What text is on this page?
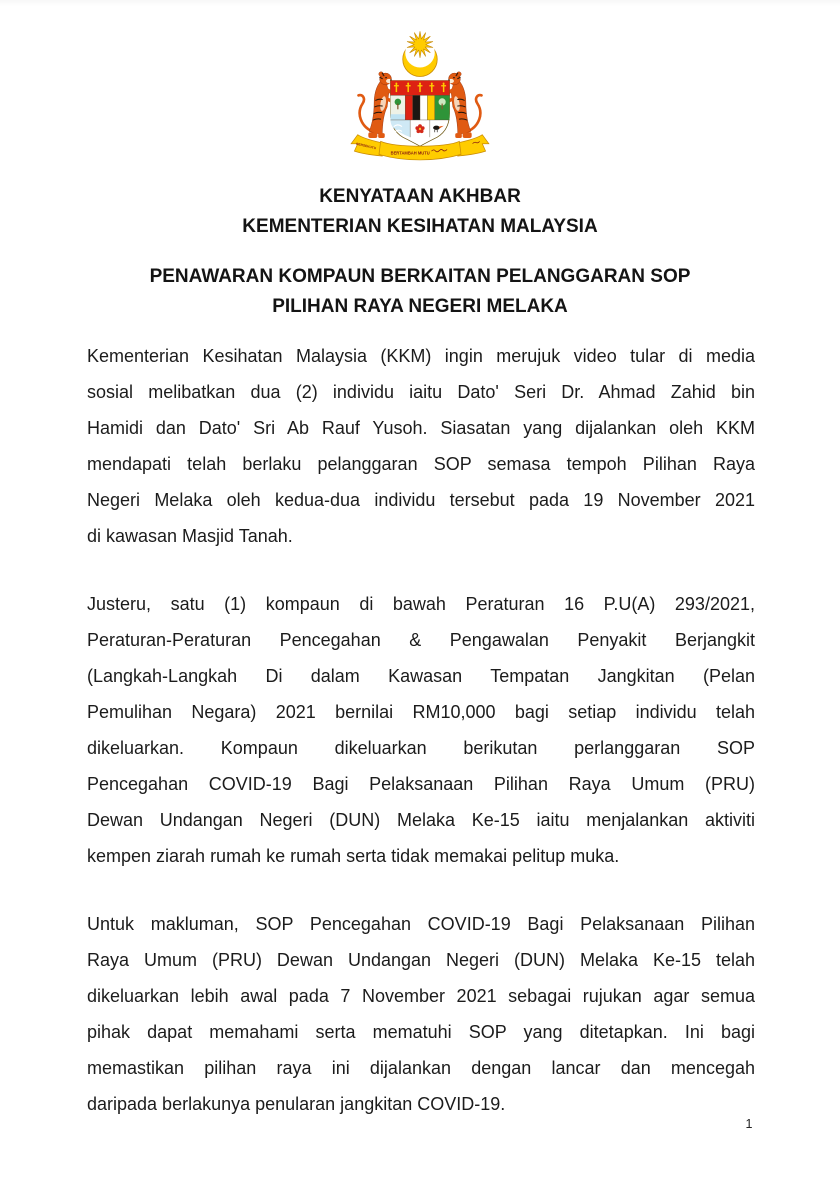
BERSEKUTU
BERTAMBAH MUTU
KENYATAAN AKHBAR
KEMENTERIAN KESIHATAN MALAYSIA
PENAWARAN KOMPAUN BERKAITAN PELANGGARAN SOP
PILIHAN RAYA NEGERI MELAKA
Kementerian Kesihatan Malaysia (KKM) ingin merujuk video tular di media
sosial melibatkan dua (2) individu iaitu Dato' Seri Dr. Ahmad Zahid bin
Hamidi dan Dato' Sri Ab Rauf Yusoh. Siasatan yang dijalankan oleh KKM
mendapati telah berlaku pelanggaran SOP semasa tempoh Pilihan Raya
Negeri Melaka oleh kedua-dua individu tersebut pada 19 November 2021
di kawasan Masjid Tanah.
Justeru, satu (1) kompaun di bawah Peraturan 16 P.U(A) 293/2021,
Peraturan-Peraturan Pencegahan & Pengawalan Penyakit Berjangkit
(Langkah-Langkah Di dalam Kawasan Tempatan Jangkitan (Pelan
Pemulihan Negara) 2021 bernilai RM10,000 bagi setiap individu telah
dikeluarkan. Kompaun dikeluarkan berikutan perlanggaran SOP
Pencegahan COVID-19 Bagi Pelaksanaan Pilihan Raya Umum (PRU)
Dewan Undangan Negeri (DUN) Melaka Ke-15 iaitu menjalankan aktiviti
kempen ziarah rumah ke rumah serta tidak memakai pelitup muka.
Untuk makluman, SOP Pencegahan COVID-19 Bagi Pelaksanaan Pilihan
Raya Umum (PRU) Dewan Undangan Negeri (DUN) Melaka Ke-15 telah
dikeluarkan lebih awal pada 7 November 2021 sebagai rujukan agar semua
pihak dapat memahami serta mematuhi SOP yang ditetapkan. Ini bagi
memastikan pilihan raya ini dijalankan dengan lancar dan mencegah
daripada berlakunya penularan jangkitan COVID-19.
1
